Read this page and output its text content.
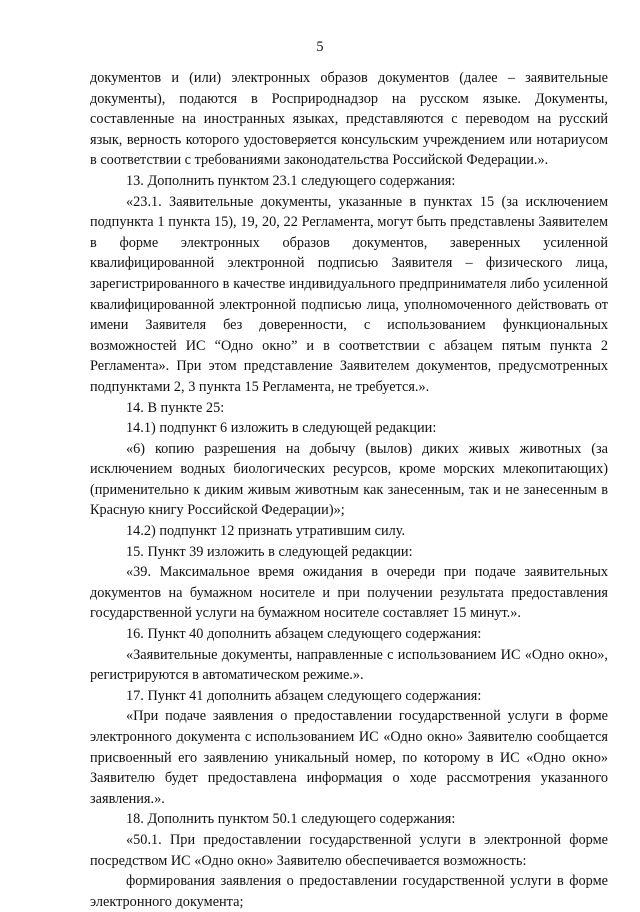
5

документов и (или) электронных образов документов (далее – заявительные документы), подаются в Росприроднадзор на русском языке. Документы, составленные на иностранных языках, представляются с переводом на русский язык, верность которого удостоверяется консульским учреждением или нотариусом в соответствии с требованиями законодательства Российской Федерации.».

13. Дополнить пунктом 23.1 следующего содержания:

«23.1. Заявительные документы, указанные в пунктах 15 (за исключением подпункта 1 пункта 15), 19, 20, 22 Регламента, могут быть представлены Заявителем в форме электронных образов документов, заверенных усиленной квалифицированной электронной подписью Заявителя – физического лица, зарегистрированного в качестве индивидуального предпринимателя либо усиленной квалифицированной электронной подписью лица, уполномоченного действовать от имени Заявителя без доверенности, с использованием функциональных возможностей ИС “Одно окно” и в соответствии с абзацем пятым пункта 2 Регламента». При этом представление Заявителем документов, предусмотренных подпунктами 2, 3 пункта 15 Регламента, не требуется.».

14. В пункте 25:

14.1) подпункт 6 изложить в следующей редакции:

«6) копию разрешения на добычу (вылов) диких живых животных (за исключением водных биологических ресурсов, кроме морских млекопитающих) (применительно к диким живым животным как занесенным, так и не занесенным в Красную книгу Российской Федерации)»;

14.2) подпункт 12 признать утратившим силу.

15. Пункт 39 изложить в следующей редакции:

«39. Максимальное время ожидания в очереди при подаче заявительных документов на бумажном носителе и при получении результата предоставления государственной услуги на бумажном носителе составляет 15 минут.».

16. Пункт 40 дополнить абзацем следующего содержания:

«Заявительные документы, направленные с использованием ИС «Одно окно», регистрируются в автоматическом режиме.».

17. Пункт 41 дополнить абзацем следующего содержания:

«При подаче заявления о предоставлении государственной услуги в форме электронного документа с использованием ИС «Одно окно» Заявителю сообщается присвоенный его заявлению уникальный номер, по которому в ИС «Одно окно» Заявителю будет предоставлена информация о ходе рассмотрения указанного заявления.».

18. Дополнить пунктом 50.1 следующего содержания:

«50.1. При предоставлении государственной услуги в электронной форме посредством ИС «Одно окно» Заявителю обеспечивается возможность:

формирования заявления о предоставлении государственной услуги в форме электронного документа;
